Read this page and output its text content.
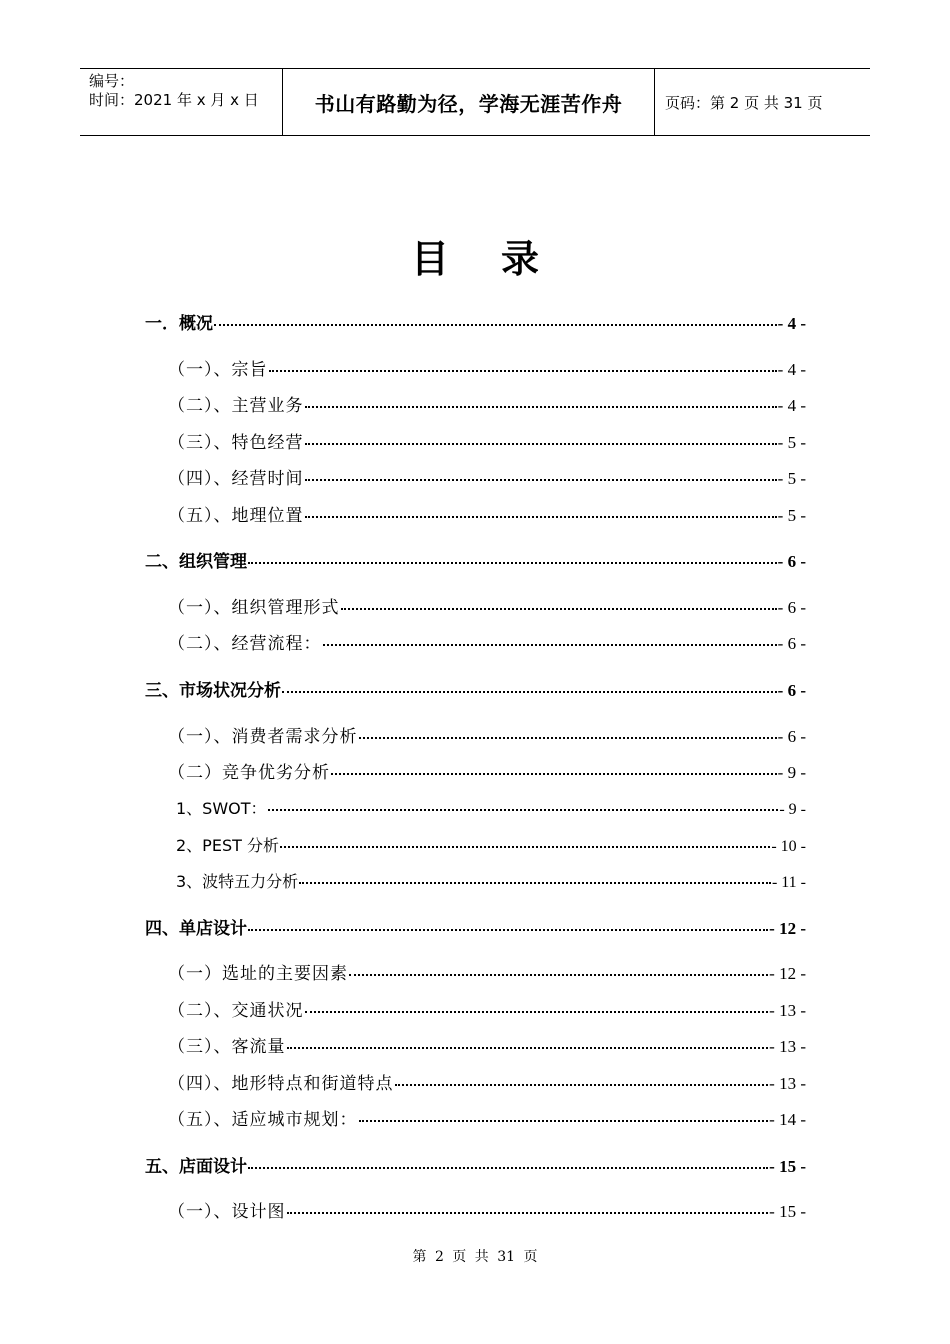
编号：
时间：2021 年 x 月 x 日	书山有路勤为径，学海无涯苦作舟	页码：第 2 页 共 31 页
目录
一．概况	- 4 -
（一）、宗旨	- 4 -
（二）、主营业务	- 4 -
（三）、特色经营	- 5 -
（四）、经营时间	- 5 -
（五）、地理位置	- 5 -
二、组织管理	- 6 -
（一）、组织管理形式	- 6 -
（二）、经营流程：	- 6 -
三、市场状况分析	- 6 -
（一）、消费者需求分析	- 6 -
（二）竞争优劣分析	- 9 -
1、SWOT：	- 9 -
2、PEST 分析	- 10 -
3、波特五力分析	- 11 -
四、单店设计	- 12 -
（一）选址的主要因素	- 12 -
（二）、交通状况	- 13 -
（三）、客流量	- 13 -
（四）、地形特点和街道特点	- 13 -
（五）、适应城市规划：	- 14 -
五、店面设计	- 15 -
（一）、设计图	- 15 -
第 2 页 共 31 页
